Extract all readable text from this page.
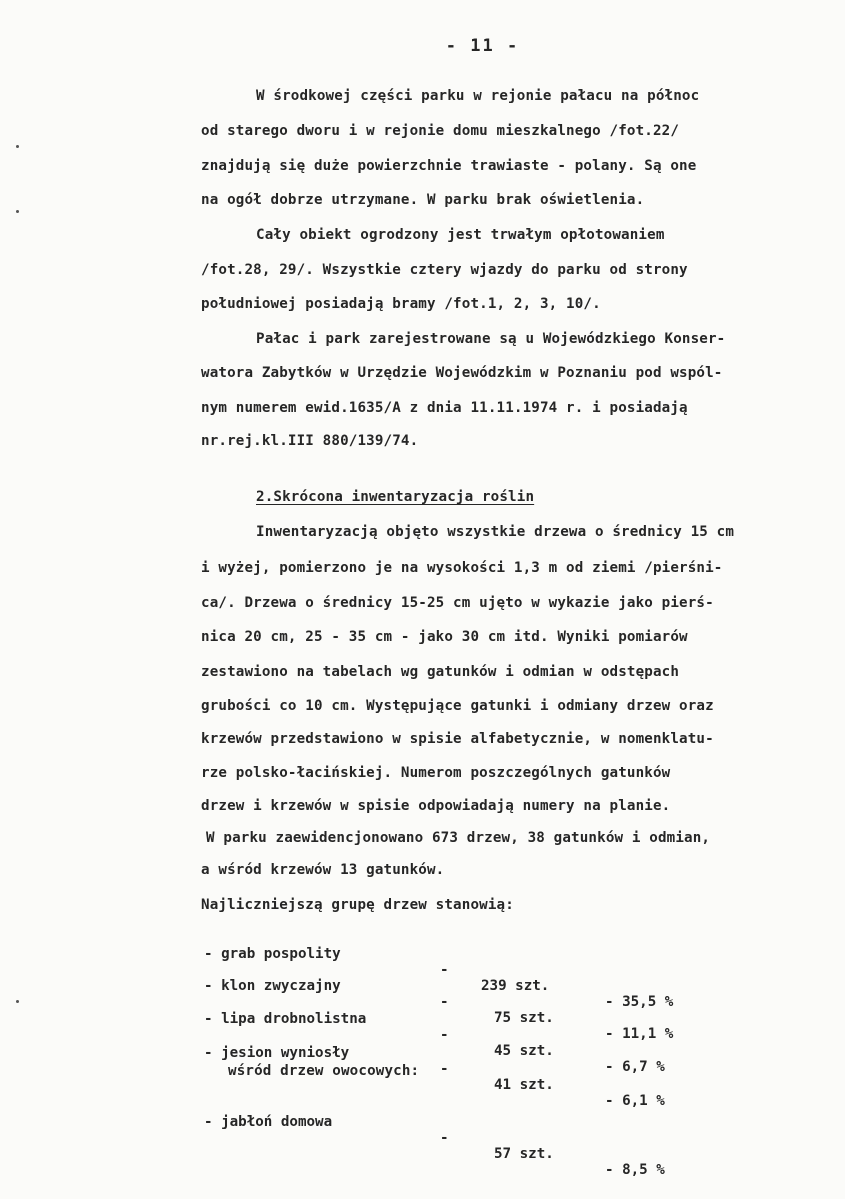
- 11 -
W środkowej części parku w rejonie pałacu na północ
od starego dworu i w rejonie domu mieszkalnego /fot.22/
znajdują się duże powierzchnie trawiaste - polany. Są one
na ogół dobrze utrzymane. W parku brak oświetlenia.
Cały obiekt ogrodzony jest trwałym opłotowaniem
/fot.28, 29/. Wszystkie cztery wjazdy do parku od strony
południowej posiadają bramy /fot.1, 2, 3, 10/.
Pałac i park zarejestrowane są u Wojewódzkiego Konser-
watora Zabytków w Urzędzie Wojewódzkim w Poznaniu pod wspól-
nym numerem ewid.1635/A z dnia 11.11.1974 r. i posiadają
nr.rej.kl.III 880/139/74.
2.Skrócona inwentaryzacja roślin
Inwentaryzacją objęto wszystkie drzewa o średnicy 15 cm
i wyżej, pomierzono je na wysokości 1,3 m od ziemi /pierśni-
ca/. Drzewa o średnicy 15-25 cm ujęto w wykazie jako pierś-
nica 20 cm, 25 - 35 cm - jako 30 cm itd. Wyniki pomiarów
zestawiono na tabelach wg gatunków i odmian w odstępach
grubości co 10 cm. Występujące gatunki i odmiany drzew oraz
krzewów przedstawiono w spisie alfabetycznie, w nomenklatu-
rze polsko-łacińskiej. Numerom poszczególnych gatunków
drzew i krzewów w spisie odpowiadają numery na planie.
W parku zaewidencjonowano 673 drzew, 38 gatunków i odmian,
a wśród krzewów 13 gatunków.
Najliczniejszą grupę drzew stanowią:

- grab pospolity

-

239 szt.

- 35,5 %

- klon zwyczajny

-

75 szt.

- 11,1 %

- lipa drobnolistna

-

45 szt.

- 6,7 %

- jesion wyniosły

-

41 szt.

- 6,1 %

wśród drzew owocowych:

- jabłoń domowa

-

57 szt.

- 8,5 %
